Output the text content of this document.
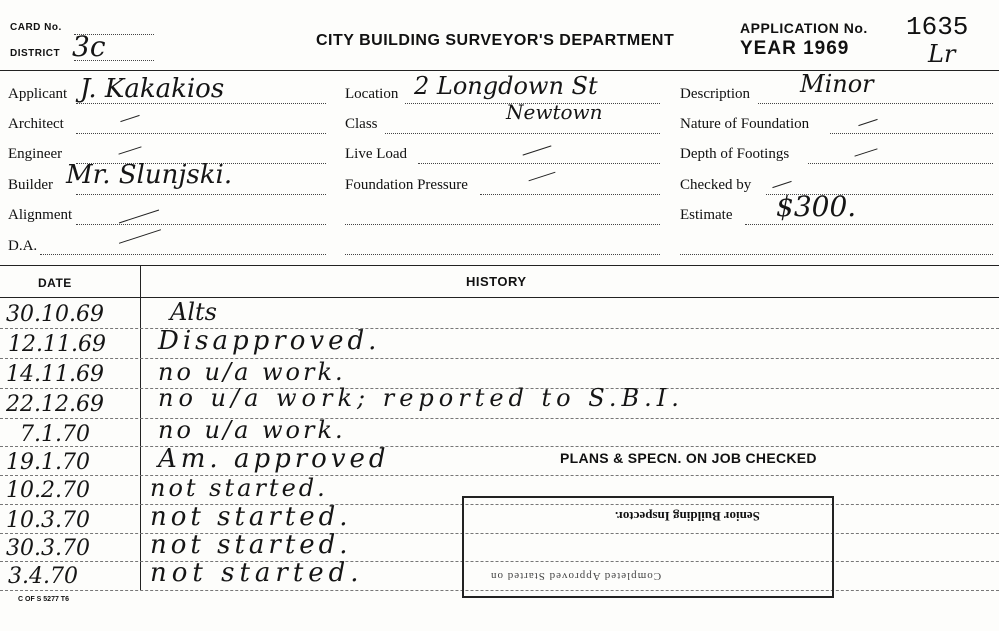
CARD No.
DISTRICT 3c	CITY BUILDING SURVEYOR'S DEPARTMENT
APPLICATION No.
YEAR 1969
1635
Lr
Applicant J. Kakakios
Architect
Engineer
Builder Mr. Slunjski.
Alignment
D.A.
Location 2 Longdown St
Class	Newtown
Live Load
Foundation Pressure
Description Minor
Nature of Foundation
Depth of Footings
Checked by
Estimate $300.
DATE	HISTORY
30.10.69	Alts
12.11.69 Disapproved.
14.11.69 no u/a work.
22.12.69 no u/a work; reported to S.B.I.
7.1.70	no u/a work.
19.1.70	Am. approved	PLANS & SPECN. ON JOB CHECKED
10.2.70	not started.
10.3.70 not started.
30.3.70 not started.
3.4.70	not started.
Senior Building Inspector.
Completed Approved Started on
C OF S 5277 T6
